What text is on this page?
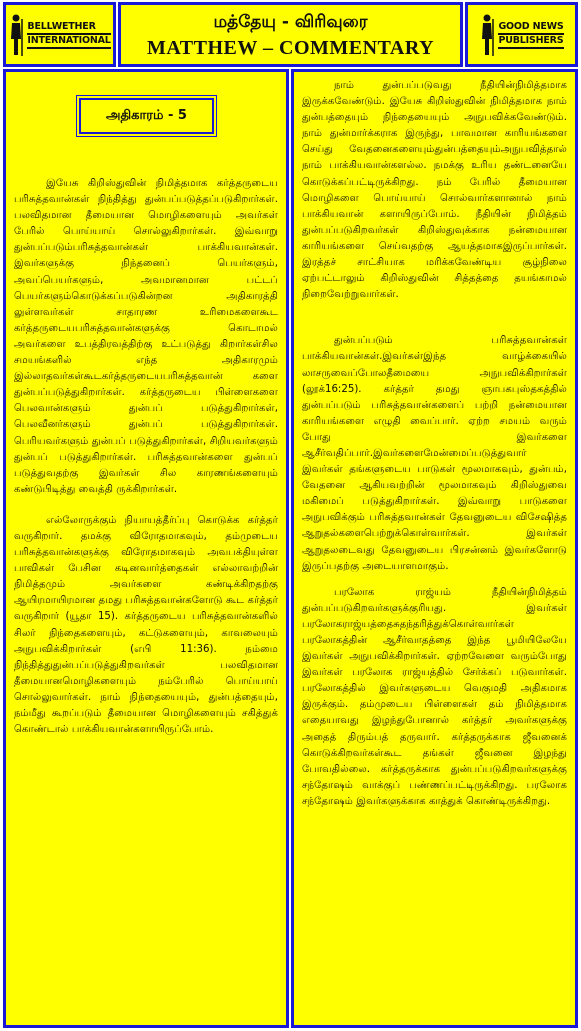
BELLWETHER
INTERNATIONAL
மத்தேயு - விரிவுரை
MATTHEW – COMMENTARY
GOOD NEWS
PUBLISHERS
அதிகாரம் - 5

இயேசு கிறிஸ்துவின் நிமித்தமாக கர்த்தருடைய பரிசுத்தவான்கள் நிந்தித்து துன்பப்படுத்தப்படுகிறார்கள். பலவிதமான தீமையான மொழிகளையும் அவர்கள் பேரில் பொய்யாய் சொல்லுகிறார்கள். இவ்வாறு துன்பப்படும்பரிசுத்தவான்கள் பாக்கியவான்கள். இவர்களுக்கு நிந்தனைப் பெயர்களும், அவப்பெயர்களும், அவமானமான பட்டப் பெயர்களும்கொடுக்கப்படுகின்றன அதிகாரத்தி லுள்ளவர்கள் சாதாரண உரிமைகளைகூட கர்த்தருடையபரிசுத்தவான்களுக்கு கொடாமல் அவர்களை உபத்திரவத்திற்கு உட்படுத்து கிறார்கள்சில சமயங்களில் எந்த அதிகாரமும் இல்லாதவர்கள்கூடகர்த்தருடையபரிசுத்தவான் களை துன்பப்படுத்துகிறார்கள். கர்த்தருடைய பிள்ளைகளை பெலவான்களும் துன்பப் படுத்துகிறார்கள், பெலவீனர்களும் துன்பப் படுத்துகிறார்கள். பெரியவர்களும் துன்பப் படுத்துகிறார்கள், சிறியவர்களும் துன்பப் படுத்துகிறார்கள். பரிசுத்தவான்களை துன்பப் படுத்துவதற்கு இவர்கள் சில காரணங்களையும் கண்டுபிடித்து வைத்தி ருக்கிறார்கள்.

எல்லோருக்கும் நியாயத்தீர்ப்பு கொடுக்க கர்த்தர் வருகிறார். தமக்கு விரோதமாகவும், தம்முடைய பரிசுத்தவான்களுக்கு விரோதமாகவும் அவபக்தியுள்ள பாவிகள் பேசின கடினவார்த்தைகள் எல்லாவற்றின் நிமித்தமும் அவர்களை கண்டிக்கிறதற்கு ஆயிரமாயிரமான தமது பரிசுத்தவான்களோடு கூட கர்த்தர் வருகிறார் (யூதா 15). கர்த்தருடைய பரிசுத்தவான்களில் சிலர் நிந்தைகளையும், கட்டுகளையும், காவலையும் அநுபவிக்கிறார்கள் (எபி 11:36). நம்மை நிந்தித்துதுன்பப்படுத்துகிறவர்கள் பலவிதமான தீமையானமொழிகளையும் நம்பேரில் பொய்யாய் சொல்லுவார்கள். நாம் நிந்தையையும், துன்பத்தையும், நம்மீது கூறப்படும் தீமையான மொழிகளையும் சகித்துக் கொண்டால் பாக்கியவான்களாயிருப்போம்.

நாம் துன்பப்படுவது நீதியின்நிமித்தமாக இருக்கவேண்டும். இயேசு கிறிஸ்துவின் நிமித்தமாக நாம் துன்பத்தையும் நிந்தையையும் அநுபவிக்கவேண்டும். நாம் துன்மார்க்கராக இருந்து, பாவமான காரியங்களை செய்து வேதனைகளையும்துன்பத்தையும்அநுபவித்தால் நாம் பாக்கியவான்களல்ல. நமக்கு உரிய தண்டனையே கொடுக்கப்பட்டிருக்கிறது. நம் பேரில் தீமையான மொழிகளை பொய்யாய் சொல்வார்களானால் நாம் பாக்கியவான் களாயிருப்போம். நீதியின் நிமித்தம் துன்பப்படுகிறவர்கள் கிறிஸ்துவுக்காக நன்மையான காரியங்களை செய்வதற்கு ஆயத்தமாகஇருப்பார்கள். இரத்தச் சாட்சியாக மரிக்கவேண்டிய சூழ்நிலை ஏற்பட்டாலும் கிறிஸ்துவின் சித்தத்தை தயங்காமல் நிறைவேற்றுவார்கள்.

துன்பப்படும் பரிசுத்தவான்கள் பாக்கியவான்கள்.இவர்கள்இந்த வாழ்க்கையில் லாசருவைப்போலதீமையை அநுபவிக்கிறார்கள் (லூக்16:25). கர்த்தர் தமது ஞாபகபுஸ்தகத்தில் துன்பப்படும் பரிசுத்தவான்களைப் பற்றி நன்மையான காரியங்களை எழுதி வைப்பார். ஏற்ற சமயம் வரும் போது இவர்களை ஆசீர்வதிப்பார்.இவர்களைமேன்மைப்படுத்துவார் இவர்கள் தங்களுடைய பாடுகள் மூலமாகவும், துன்பம், வேதனை ஆகியவற்றின் மூலமாகவும் கிறிஸ்துவை மகிமைப் படுத்துகிறார்கள். இவ்வாறு பாடுகளை அநுபவிக்கும் பரிசுத்தவான்கள் தேவனுடைய விசேஷித்த ஆறுதல்களைபெற்றுக்கொள்வார்கள். இவர்கள் ஆறுதலடைவது தேவனுடைய பிரசன்னம் இவர்களோடு இருப்பதற்கு அடையாளமாகும்.

பரலோக ராஜ்யம் நீதியின்நிமித்தம் துன்பப்படுகிறவர்களுக்குரியது. இவர்கள் பரலோகராஜ்யத்தைசுதந்தரித்துக்கொள்வார்கள் பரலோகத்தின் ஆசீர்வாதத்தை இந்த பூமியிலேயே இவர்கள் அநுபவிக்கிறார்கள். ஏற்றவேளை வரும்போது இவர்கள் பரலோக ராஜ்யத்தில் சேர்க்கப் படுவார்கள். பரலோகத்தில் இவர்களுடைய வெகுமதி அதிகமாக இருக்கும். தம்முடைய பிள்ளைகள் தம் நிமித்தமாக எதையாவது இழந்துபோனால் கர்த்தர் அவர்களுக்கு அதைத் திரும்பத் தருவார். கர்த்தருக்காக ஜீவனைக் கொடுக்கிறவர்கள்கூட தங்கள் ஜீவனை இழந்து போவதில்லை. கர்த்தருக்காக துன்பப்படுகிறவர்களுக்கு சந்தோஷம் வாக்குப் பண்ணப்பட்டிருக்கிறது. பரலோக சந்தோஷம் இவர்களுக்காக காத்துக் கொண்டிருக்கிறது.
